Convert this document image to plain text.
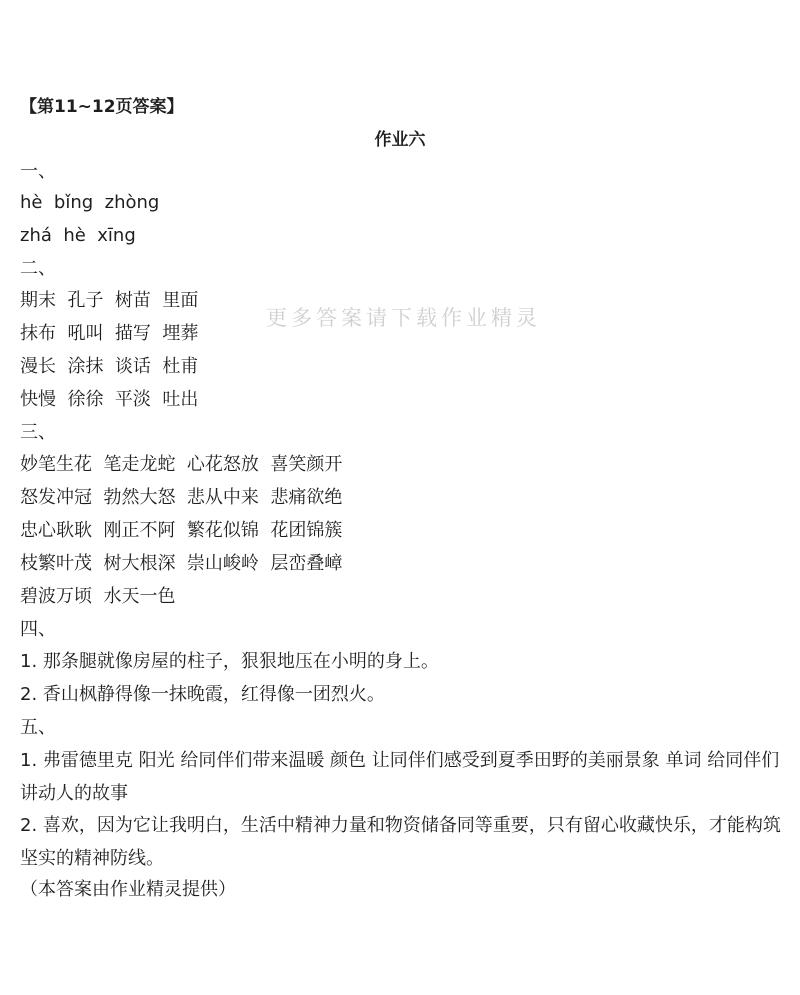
【第11~12页答案】
作业六
一、
hè  bǐng  zhòng
zhá  hè  xīng
二、
期末  孔子  树苗  里面
抹布  吼叫  描写  埋葬
漫长  涂抹  谈话  杜甫
快慢  徐徐  平淡  吐出
更多答案请下载作业精灵
三、
妙笔生花  笔走龙蛇  心花怒放  喜笑颜开
怒发冲冠  勃然大怒  悲从中来  悲痛欲绝
忠心耿耿  刚正不阿  繁花似锦  花团锦簇
枝繁叶茂  树大根深  崇山峻岭  层峦叠嶂
碧波万顷  水天一色
四、
1. 那条腿就像房屋的柱子，狠狠地压在小明的身上。
2. 香山枫静得像一抹晚霞，红得像一团烈火。
五、
1. 弗雷德里克 阳光 给同伴们带来温暖 颜色 让同伴们感受到夏季田野的美丽景象 单词 给同伴们讲动人的故事
2. 喜欢，因为它让我明白，生活中精神力量和物资储备同等重要，只有留心收藏快乐，才能构筑坚实的精神防线。
（本答案由作业精灵提供）
